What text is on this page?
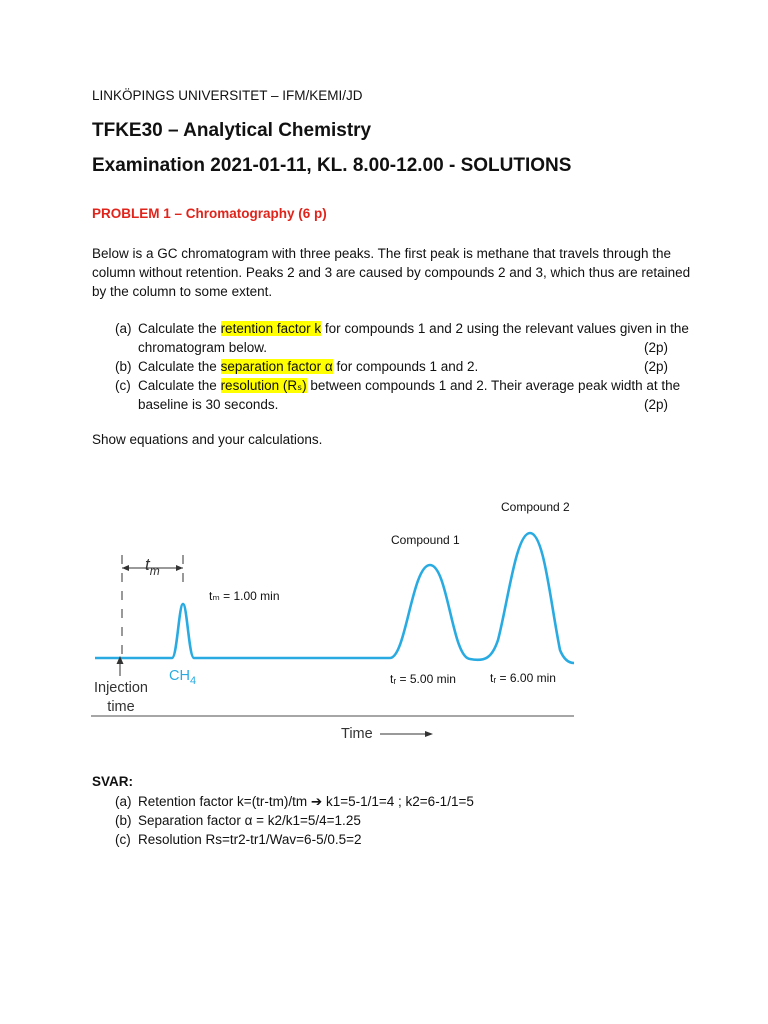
LINKÖPINGS UNIVERSITET – IFM/KEMI/JD
TFKE30 – Analytical Chemistry
Examination 2021-01-11, KL. 8.00-12.00 - SOLUTIONS
PROBLEM 1 – Chromatography (6 p)
Below is a GC chromatogram with three peaks. The first peak is methane that travels through the
column without retention. Peaks 2 and 3 are caused by compounds 2 and 3, which thus are retained
by the column to some extent.
(a) Calculate the retention factor k for compounds 1 and 2 using the relevant values given in the
chromatogram below.	(2p)
(b) Calculate the separation factor α for compounds 1 and 2.	(2p)
(c) Calculate the resolution (Rₛ) between compounds 1 and 2. Their average peak width at the
baseline is 30 seconds.	(2p)
Show equations and your calculations.
$t_m$
Injection
time
$CH_4$
tₘ = 1.00 min
Compound 1
Compound 2
tᵣ = 5.00 min	tᵣ = 6.00 min
Time
SVAR:
(a) Retention factor k=(tr-tm)/tm ➔ k1=5-1/1=4 ; k2=6-1/1=5
(b) Separation factor α = k2/k1=5/4=1.25
(c) Resolution Rs=tr2-tr1/Wav=6-5/0.5=2
